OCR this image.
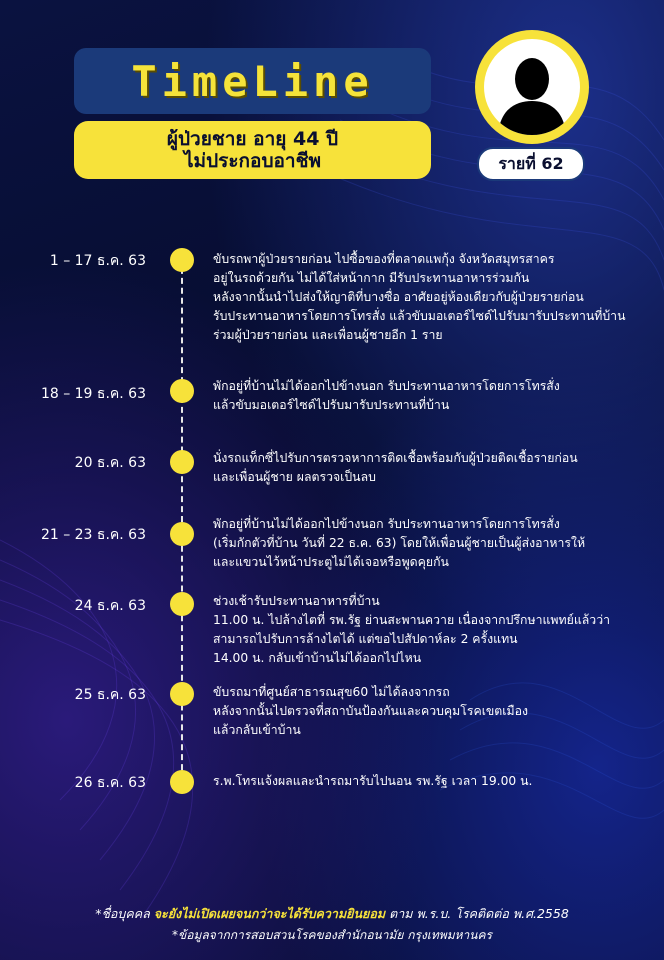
TimeLine
ผู้ป่วยชาย อายุ 44 ปี
ไม่ประกอบอาชีพ	รายที่ 62
1 – 17 ธ.ค. 63	ขับรถพาผู้ป่วยรายก่อน ไปซื้อของที่ตลาดแพกุ้ง จังหวัดสมุทรสาคร
อยู่ในรถด้วยกัน ไม่ได้ใส่หน้ากาก มีรับประทานอาหารร่วมกัน
หลังจากนั้นนำไปส่งให้ญาติที่บางซื่อ อาศัยอยู่ห้องเดียวกับผู้ป่วยรายก่อน
รับประทานอาหารโดยการโทรสั่ง แล้วขับมอเตอร์ไซด์ไปรับมารับประทานที่บ้าน
ร่วมผู้ป่วยรายก่อน และเพื่อนผู้ชายอีก 1 ราย
18 – 19 ธ.ค. 63	พักอยู่ที่บ้านไม่ได้ออกไปข้างนอก รับประทานอาหารโดยการโทรสั่ง
แล้วขับมอเตอร์ไซด์ไปรับมารับประทานที่บ้าน
20 ธ.ค. 63	นั่งรถแท็กซี่ไปรับการตรวจหาการติดเชื้อพร้อมกับผู้ป่วยติดเชื้อรายก่อน
และเพื่อนผู้ชาย ผลตรวจเป็นลบ
21 – 23 ธ.ค. 63
พักอยู่ที่บ้านไม่ได้ออกไปข้างนอก รับประทานอาหารโดยการโทรสั่ง
(เริ่มกักตัวที่บ้าน วันที่ 22 ธ.ค. 63) โดยให้เพื่อนผู้ชายเป็นผู้ส่งอาหารให้
และแขวนไว้หน้าประตูไม่ได้เจอหรือพูดคุยกัน
24 ธ.ค. 63	ช่วงเช้ารับประทานอาหารที่บ้าน
11.00 น. ไปล้างไตที่ รพ.รัฐ ย่านสะพานควาย เนื่องจากปรึกษาแพทย์แล้วว่า
สามารถไปรับการล้างไตได้ แต่ขอไปสัปดาห์ละ 2 ครั้งแทน
14.00 น. กลับเข้าบ้านไม่ได้ออกไปไหน
25 ธ.ค. 63	ขับรถมาที่ศูนย์สาธารณสุข60 ไม่ได้ลงจากรถ
หลังจากนั้นไปตรวจที่สถาบันป้องกันและควบคุมโรคเขตเมือง
แล้วกลับเข้าบ้าน
26 ธ.ค. 63	ร.พ.โทรแจ้งผลและนำรถมารับไปนอน รพ.รัฐ เวลา 19.00 น.
*ชื่อบุคคล จะยังไม่เปิดเผยจนกว่าจะได้รับความยินยอม ตาม พ.ร.บ. โรคติดต่อ พ.ศ.2558
*ข้อมูลจากการสอบสวนโรคของสำนักอนามัย กรุงเทพมหานคร
